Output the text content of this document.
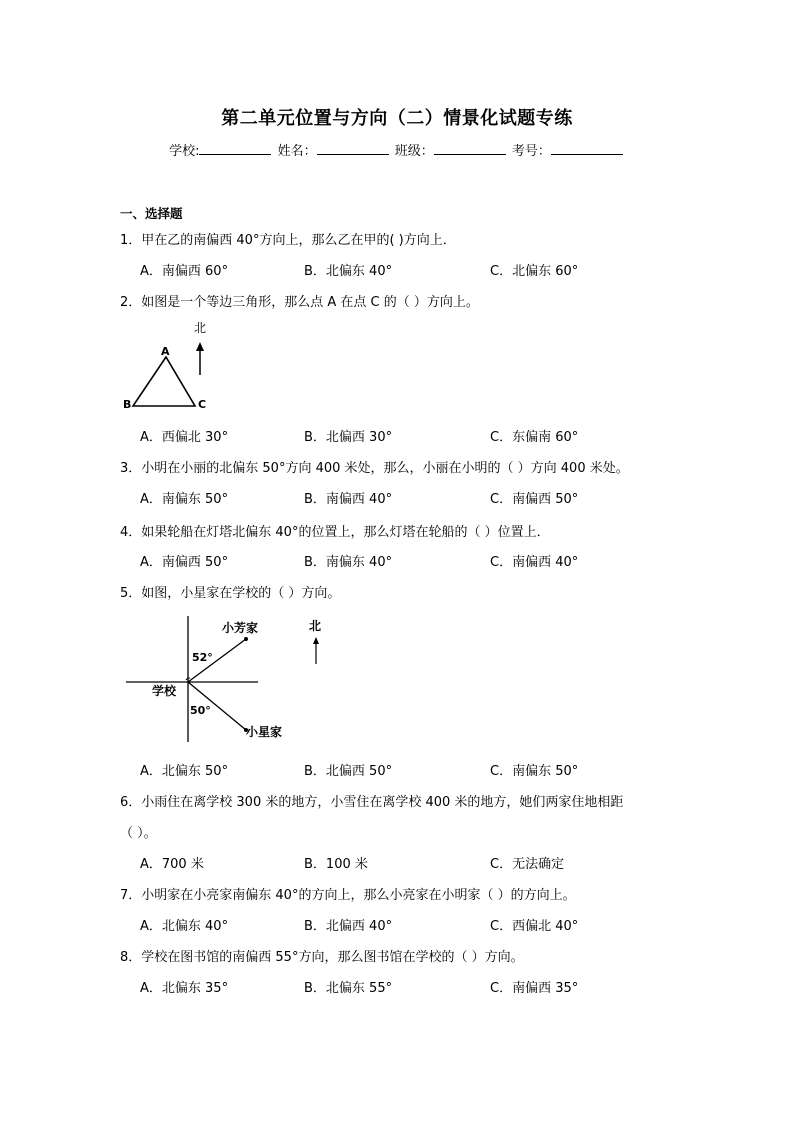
第二单元位置与方向（二）情景化试题专练
学校:	姓名：	班级：	考号：
一、选择题
1．甲在乙的南偏西 40°方向上，那么乙在甲的( )方向上．
A．南偏西 60°	B．北偏东 40°	C．北偏东 60°
2．如图是一个等边三角形，那么点 A 在点 C 的（ ）方向上。
A
B	C
北
A．西偏北 30°	B．北偏西 30°	C．东偏南 60°
3．小明在小丽的北偏东 50°方向 400 米处，那么，小丽在小明的（ ）方向 400 米处。
A．南偏东 50°	B．南偏西 40°	C．南偏西 50°
4．如果轮船在灯塔北偏东 40°的位置上，那么灯塔在轮船的（ ）位置上．
A．南偏西 50°	B．南偏东 40°	C．南偏西 40°
5．如图，小星家在学校的（ ）方向。
小芳家
小星家
学校
52°
50°
北
A．北偏东 50°	B．北偏西 50°	C．南偏东 50°
6．小雨住在离学校 300 米的地方，小雪住在离学校 400 米的地方，她们两家住地相距
（ ）。
A．700 米	B．100 米	C．无法确定
7．小明家在小亮家南偏东 40°的方向上，那么小亮家在小明家（ ）的方向上。
A．北偏东 40°	B．北偏西 40°	C．西偏北 40°
8．学校在图书馆的南偏西 55°方向，那么图书馆在学校的（ ）方向。
A．北偏东 35°	B．北偏东 55°	C．南偏西 35°
